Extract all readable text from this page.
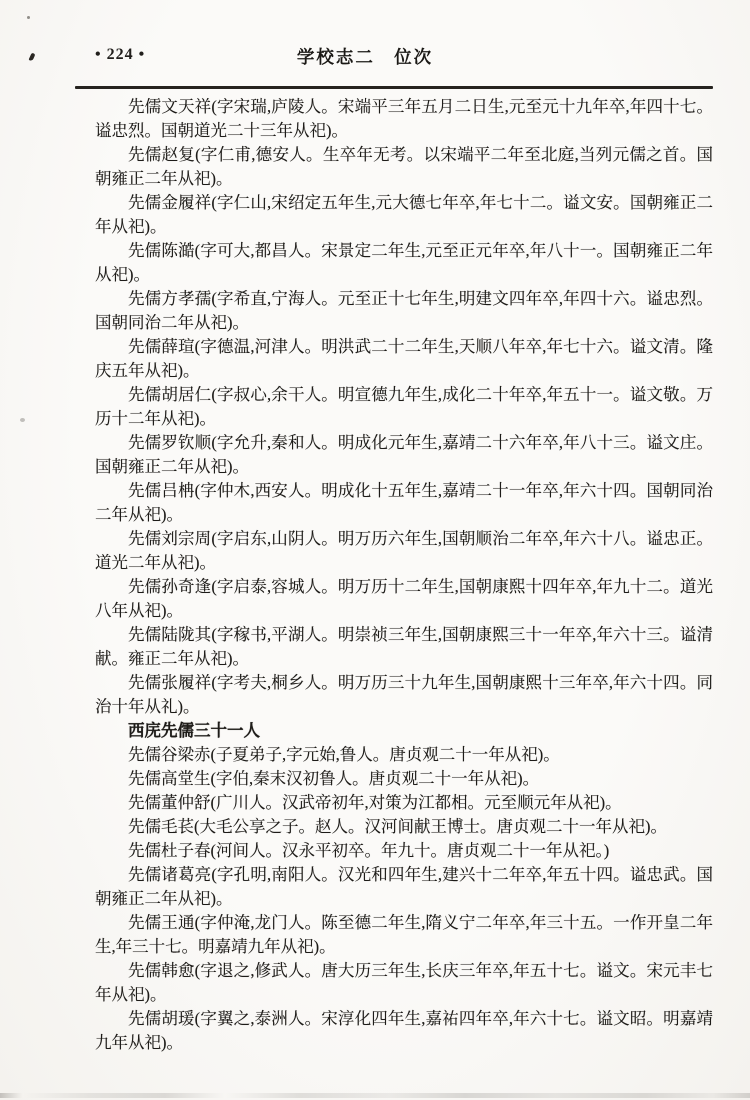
• 224 •	学校志二 位次

先儒文天祥(字宋瑞,庐陵人。宋端平三年五月二日生,元至元十九年卒,年四十七。谥忠烈。国朝道光二十三年从祀)。

先儒赵复(字仁甫,德安人。生卒年无考。以宋端平二年至北庭,当列元儒之首。国朝雍正二年从祀)。

先儒金履祥(字仁山,宋绍定五年生,元大德七年卒,年七十二。谥文安。国朝雍正二年从祀)。

先儒陈澔(字可大,都昌人。宋景定二年生,元至正元年卒,年八十一。国朝雍正二年从祀)。

先儒方孝孺(字希直,宁海人。元至正十七年生,明建文四年卒,年四十六。谥忠烈。国朝同治二年从祀)。

先儒薛瑄(字德温,河津人。明洪武二十二年生,天顺八年卒,年七十六。谥文清。隆庆五年从祀)。

先儒胡居仁(字叔心,余干人。明宣德九年生,成化二十年卒,年五十一。谥文敬。万历十二年从祀)。

先儒罗钦顺(字允升,秦和人。明成化元年生,嘉靖二十六年卒,年八十三。谥文庄。国朝雍正二年从祀)。

先儒吕柟(字仲木,西安人。明成化十五年生,嘉靖二十一年卒,年六十四。国朝同治二年从祀)。

先儒刘宗周(字启东,山阴人。明万历六年生,国朝顺治二年卒,年六十八。谥忠正。道光二年从祀)。

先儒孙奇逢(字启泰,容城人。明万历十二年生,国朝康熙十四年卒,年九十二。道光八年从祀)。

先儒陆陇其(字稼书,平湖人。明崇祯三年生,国朝康熙三十一年卒,年六十三。谥清献。雍正二年从祀)。

先儒张履祥(字考夫,桐乡人。明万历三十九年生,国朝康熙十三年卒,年六十四。同治十年从礼)。

西庑先儒三十一人

先儒谷梁赤(子夏弟子,字元始,鲁人。唐贞观二十一年从祀)。

先儒高堂生(字伯,秦末汉初鲁人。唐贞观二十一年从祀)。

先儒董仲舒(广川人。汉武帝初年,对策为江都相。元至顺元年从祀)。

先儒毛苌(大毛公享之子。赵人。汉河间献王博士。唐贞观二十一年从祀)。

先儒杜子春(河间人。汉永平初卒。年九十。唐贞观二十一年从祀。)

先儒诸葛亮(字孔明,南阳人。汉光和四年生,建兴十二年卒,年五十四。谥忠武。国朝雍正二年从祀)。

先儒王通(字仲淹,龙门人。陈至德二年生,隋义宁二年卒,年三十五。一作开皇二年生,年三十七。明嘉靖九年从祀)。

先儒韩愈(字退之,修武人。唐大历三年生,长庆三年卒,年五十七。谥文。宋元丰七年从祀)。

先儒胡瑗(字翼之,泰洲人。宋淳化四年生,嘉祐四年卒,年六十七。谥文昭。明嘉靖九年从祀)。
